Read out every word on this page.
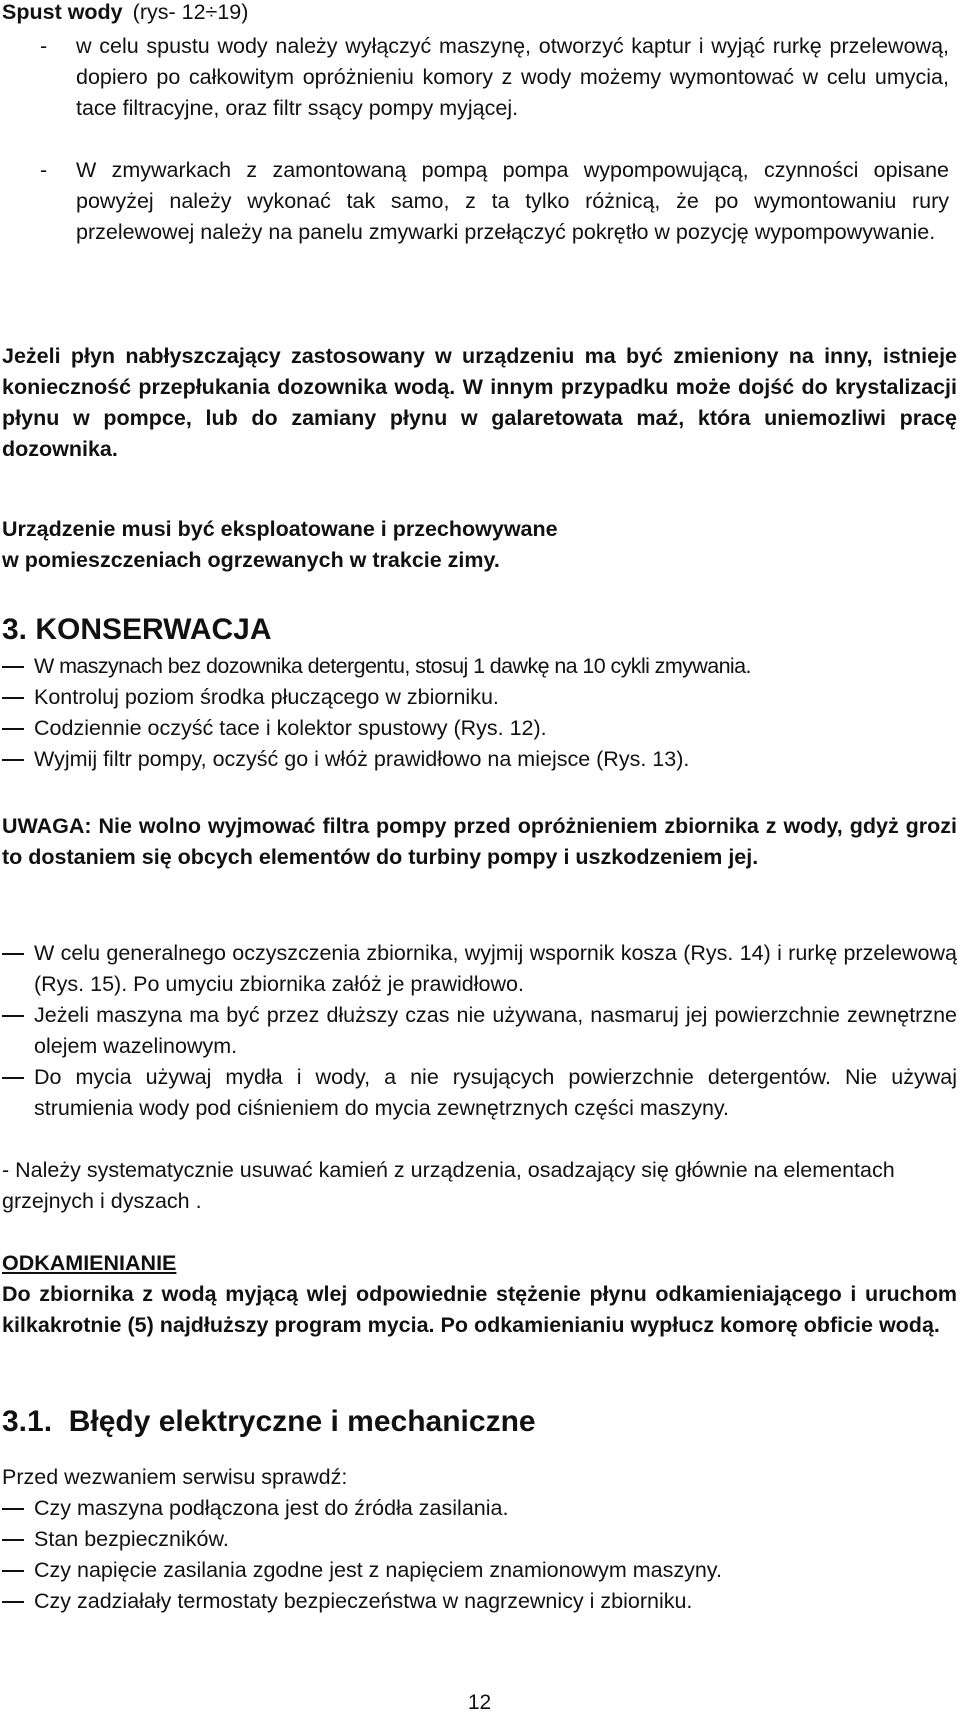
Spust wody (rys- 12÷19)
- w celu spustu wody należy wyłączyć maszynę, otworzyć kaptur i wyjąć rurkę przelewową, dopiero po całkowitym opróżnieniu komory z wody możemy wymontować w celu umycia, tace filtracyjne, oraz filtr ssący pompy myjącej.
- W zmywarkach z zamontowaną pompą pompa wypompowującą, czynności opisane powyżej należy wykonać tak samo, z ta tylko różnicą, że po wymontowaniu rury przelewowej należy na panelu zmywarki przełączyć pokrętło w pozycję wypompowywanie.
Jeżeli płyn nabłyszczający zastosowany w urządzeniu ma być zmieniony na inny, istnieje konieczność przepłukania dozownika wodą. W innym przypadku może dojść do krystalizacji płynu w pompce, lub do zamiany płynu w galaretowata maź, która uniemozliwi pracę dozownika.
Urządzenie musi być eksploatowane i przechowywane
w pomieszczeniach ogrzewanych w trakcie zimy.
3. KONSERWACJA
W maszynach bez dozownika detergentu, stosuj 1 dawkę na 10 cykli zmywania.
Kontroluj poziom środka płuczącego w zbiorniku.
Codziennie oczyść tace i kolektor spustowy (Rys. 12).
Wyjmij filtr pompy, oczyść go i włóż prawidłowo na miejsce (Rys. 13).
UWAGA: Nie wolno wyjmować filtra pompy przed opróżnieniem zbiornika z wody, gdyż grozi to dostaniem się obcych elementów do turbiny pompy i uszkodzeniem jej.
W celu generalnego oczyszczenia zbiornika, wyjmij wspornik kosza (Rys. 14) i rurkę przelewową (Rys. 15). Po umyciu zbiornika załóż je prawidłowo.
Jeżeli maszyna ma być przez dłuższy czas nie używana, nasmaruj jej powierzchnie zewnętrzne olejem wazelinowym.
Do mycia używaj mydła i wody, a nie rysujących powierzchnie detergentów. Nie używaj strumienia wody pod ciśnieniem do mycia zewnętrznych części maszyny.
- Należy systematycznie usuwać kamień z urządzenia, osadzający się głównie na elementach grzejnych i dyszach .
ODKAMIENIANIE
Do zbiornika z wodą myjącą wlej odpowiednie stężenie płynu odkamieniającego i uruchom kilkakrotnie (5) najdłuższy program mycia. Po odkamienianiu wypłucz komorę obficie wodą.
3.1.  Błędy elektryczne i mechaniczne
Przed wezwaniem serwisu sprawdź:
Czy maszyna podłączona jest do źródła zasilania.
Stan bezpieczników.
Czy napięcie zasilania zgodne jest z napięciem znamionowym maszyny.
Czy zadziałały termostaty bezpieczeństwa w nagrzewnicy i zbiorniku.
12
